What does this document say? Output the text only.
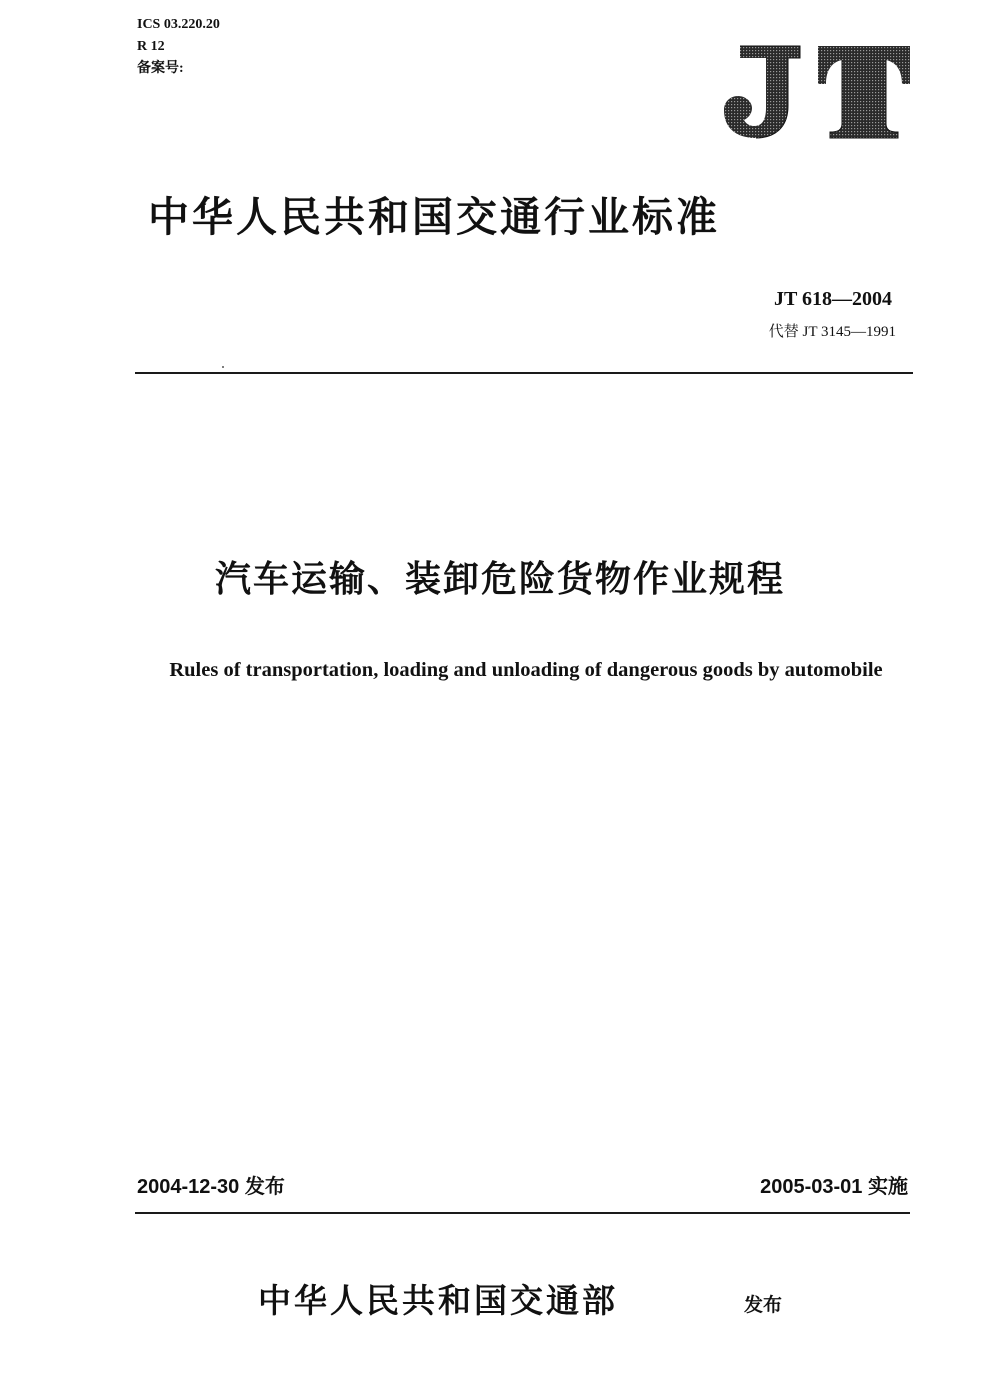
ICS 03.220.20
R 12
备案号:
中华人民共和国交通行业标准
JT 618—2004
代替 JT 3145—1991
汽车运输、装卸危险货物作业规程
Rules of transportation, loading and unloading of dangerous goods by automobile
2004-12-30 发布	2005-03-01 实施
中华人民共和国交通部	发布
